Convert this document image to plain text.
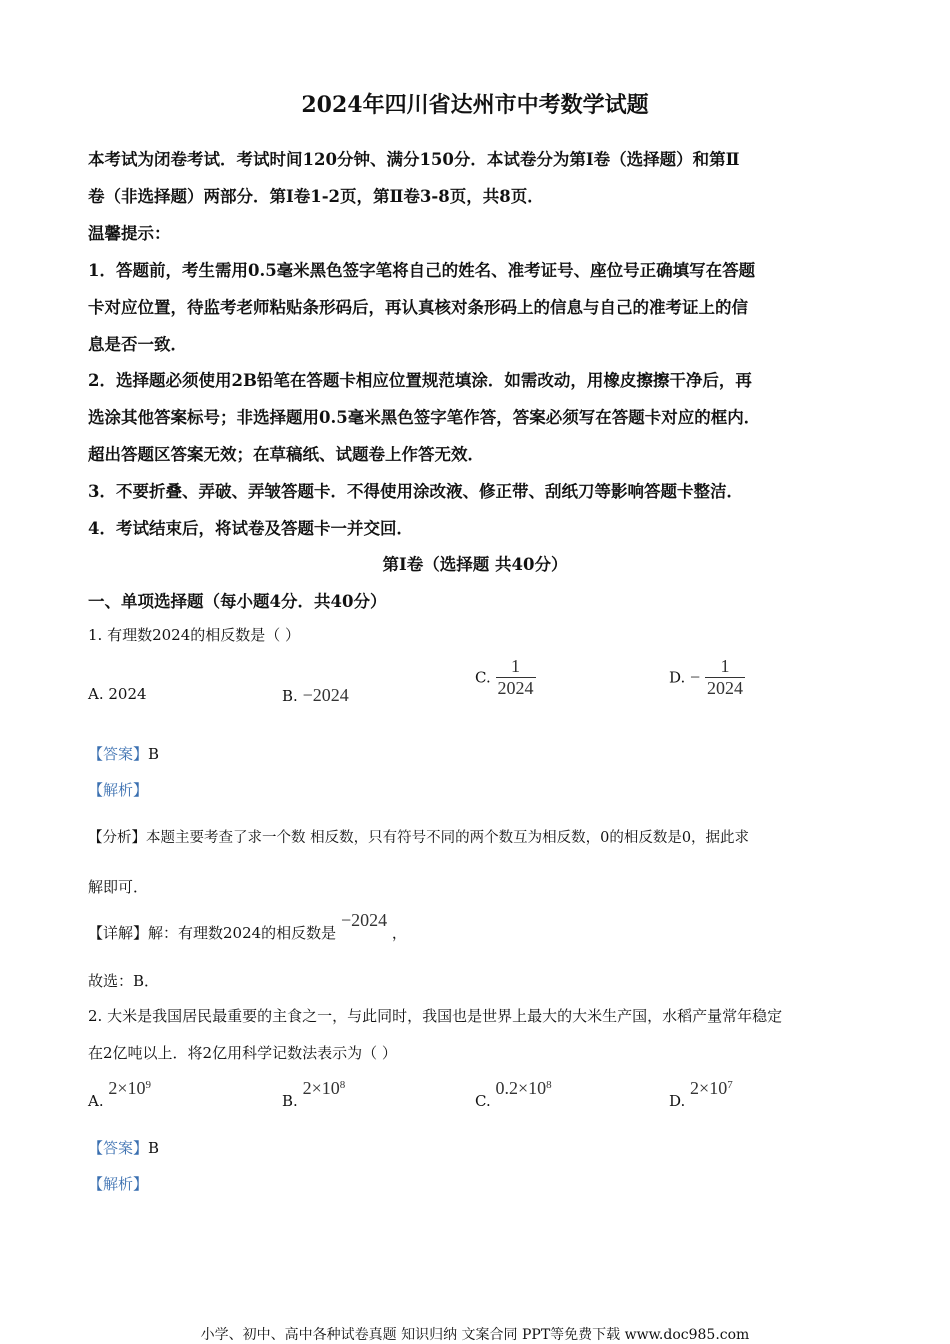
2024年四川省达州市中考数学试题
本考试为闭卷考试．考试时间120分钟、满分150分．本试卷分为第Ⅰ卷（选择题）和第Ⅱ
卷（非选择题）两部分．第Ⅰ卷1-2页，第Ⅱ卷3-8页，共8页．
温馨提示：
1．答题前，考生需用0.5毫米黑色签字笔将自己的姓名、准考证号、座位号正确填写在答题
卡对应位置，待监考老师粘贴条形码后，再认真核对条形码上的信息与自己的准考证上的信
息是否一致．
2．选择题必须使用2B铅笔在答题卡相应位置规范填涂．如需改动，用橡皮擦擦干净后，再
选涂其他答案标号；非选择题用0.5毫米黑色签字笔作答，答案必须写在答题卡对应的框内．
超出答题区答案无效；在草稿纸、试题卷上作答无效．
3．不要折叠、弄破、弄皱答题卡．不得使用涂改液、修正带、刮纸刀等影响答题卡整洁．
4．考试结束后，将试卷及答题卡一并交回．
第Ⅰ卷（选择题 共40分）
一、单项选择题（每小题4分．共40分）
1. 有理数2024的相反数是（ ）
A. 2024	B. −2024
C. $\frac{1}{2024}$	D. − $\frac{1}{2024}$
【答案】B
【解析】
【分析】本题主要考查了求一个数 相反数，只有符号不同的两个数互为相反数，0的相反数是0，据此求
解即可．
【详解】解：有理数2024的相反数是 −2024 ，
故选：B．
2. 大米是我国居民最重要的主食之一，与此同时，我国也是世界上最大的大米生产国，水稻产量常年稳定
在2亿吨以上．将2亿用科学记数法表示为（ ）
A. $2\times 10^9$
B. $2\times 10^8$
C. $0.2\times 10^8$
D. $2\times 10^7$
【答案】B
【解析】
小学、初中、高中各种试卷真题 知识归纳 文案合同 PPT等免费下载 www.doc985.com
